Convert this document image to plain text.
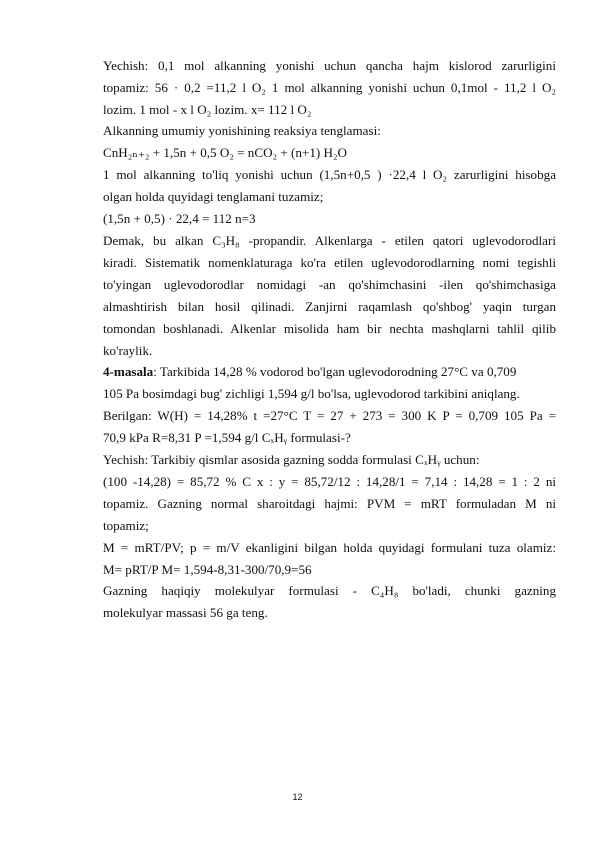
Yechish: 0,1 mol alkanning yonishi uchun qancha hajm kislorod zarurligini

topamiz: 56 · 0,2 =11,2 l O₂ 1 mol alkanning yonishi uchun 0,1mol - 11,2 l O₂

lozim. 1 mol - x l O₂ lozim. x= 112 l O₂

Alkanning umumiy yonishining reaksiya tenglamasi:

CnH₂ₙ₊₂ + 1,5n + 0,5 O₂ = nCO₂ + (n+1) H₂O

1 mol alkanning to'liq yonishi uchun (1,5n+0,5 ) ·22,4 l O₂ zarurligini hisobga

olgan holda quyidagi tenglamani tuzamiz;

(1,5n + 0,5) · 22,4 = 112 n=3

Demak, bu alkan C₃H₈ -propandir. Alkenlarga - etilen qatori uglevodorodlari

kiradi. Sistematik nomenklaturaga ko'ra etilen uglevodorodlarning nomi tegishli

to'yingan uglevodorodlar nomidagi -an qo'shimchasini -ilen qo'shimchasiga

almashtirish bilan hosil qilinadi. Zanjirni raqamlash qo'shbog' yaqin turgan

tomondan boshlanadi. Alkenlar misolida ham bir nechta mashqlarni tahlil qilib

ko'raylik.

4-masala: Tarkibida 14,28 % vodorod bo'lgan uglevodorodning 27°C va 0,709

105 Pa bosimdagi bug' zichligi 1,594 g/l bo'lsa, uglevodorod tarkibini aniqlang.

Berilgan: W(H) = 14,28% t =27°C T = 27 + 273 = 300 K P = 0,709 105 Pa =

70,9 kPa R=8,31 P =1,594 g/l CₓHᵧ formulasi-?

Yechish: Tarkibiy qismlar asosida gazning sodda formulasi CₓHᵧ uchun:

(100 -14,28) = 85,72 % C x : y = 85,72/12 : 14,28/1 = 7,14 : 14,28 = 1 : 2 ni

topamiz. Gazning normal sharoitdagi hajmi: PVM = mRT formuladan M ni

topamiz;

M = mRT/PV; p = m/V ekanligini bilgan holda quyidagi formulani tuza olamiz:

M= pRT/P M= 1,594-8,31-300/70,9=56

Gazning haqiqiy molekulyar formulasi - C₄H₈ bo'ladi, chunki gazning

molekulyar massasi 56 ga teng.

12
